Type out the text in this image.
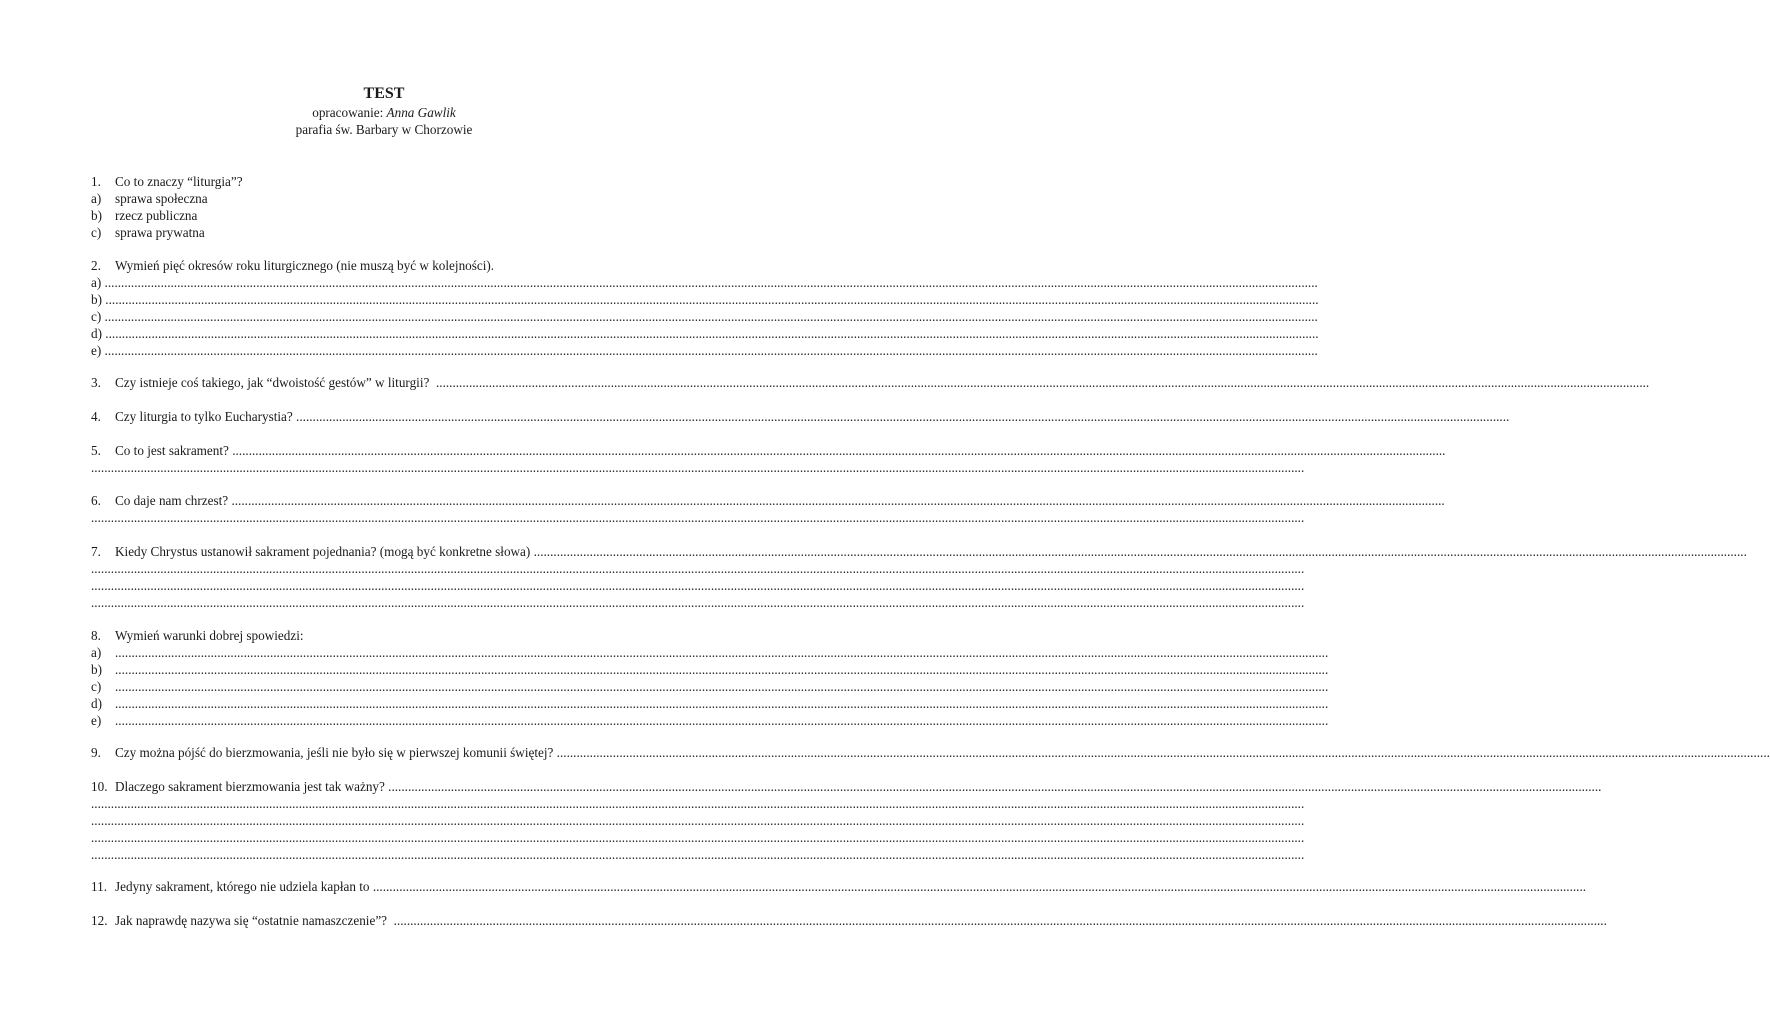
TEST
opracowanie: Anna Gawlik
parafia św. Barbary w Chorzowie
1. Co to znaczy “liturgia”?
a) sprawa społeczna
b) rzecz publiczna
c) sprawa prywatna
2. Wymień pięć okresów roku liturgicznego (nie muszą być w kolejności).
a) ................................................................................................................................................................................................................................................................................................................................................................................
b) ................................................................................................................................................................................................................................................................................................................................................................................
c) ................................................................................................................................................................................................................................................................................................................................................................................
d) ................................................................................................................................................................................................................................................................................................................................................................................
e) ................................................................................................................................................................................................................................................................................................................................................................................
3. Czy istnieje coś takiego, jak “dwoistość gestów” w liturgii? ................................................................................................................................................................................................................................................................................................................................................................................
4. Czy liturgia to tylko Eucharystia? ................................................................................................................................................................................................................................................................................................................................................................................
5. Co to jest sakrament? ................................................................................................................................................................................................................................................................................................................................................................................
................................................................................................................................................................................................................................................................................................................................................................................
6. Co daje nam chrzest? ................................................................................................................................................................................................................................................................................................................................................................................
................................................................................................................................................................................................................................................................................................................................................................................
7. Kiedy Chrystus ustanowił sakrament pojednania? (mogą być konkretne słowa) ................................................................................................................................................................................................................................................................................................................................................................................
................................................................................................................................................................................................................................................................................................................................................................................
................................................................................................................................................................................................................................................................................................................................................................................
................................................................................................................................................................................................................................................................................................................................................................................
8. Wymień warunki dobrej spowiedzi:
a) ................................................................................................................................................................................................................................................................................................................................................................................
b) ................................................................................................................................................................................................................................................................................................................................................................................
c) ................................................................................................................................................................................................................................................................................................................................................................................
d) ................................................................................................................................................................................................................................................................................................................................................................................
e) ................................................................................................................................................................................................................................................................................................................................................................................
9. Czy można pójść do bierzmowania, jeśli nie było się w pierwszej komunii świętej? ................................................................................................................................................................................................................................................................................................................................................................................
10. Dlaczego sakrament bierzmowania jest tak ważny? ................................................................................................................................................................................................................................................................................................................................................................................
................................................................................................................................................................................................................................................................................................................................................................................
................................................................................................................................................................................................................................................................................................................................................................................
................................................................................................................................................................................................................................................................................................................................................................................
................................................................................................................................................................................................................................................................................................................................................................................
11. Jedyny sakrament, którego nie udziela kapłan to ................................................................................................................................................................................................................................................................................................................................................................................
12. Jak naprawdę nazywa się “ostatnie namaszczenie”? ................................................................................................................................................................................................................................................................................................................................................................................
